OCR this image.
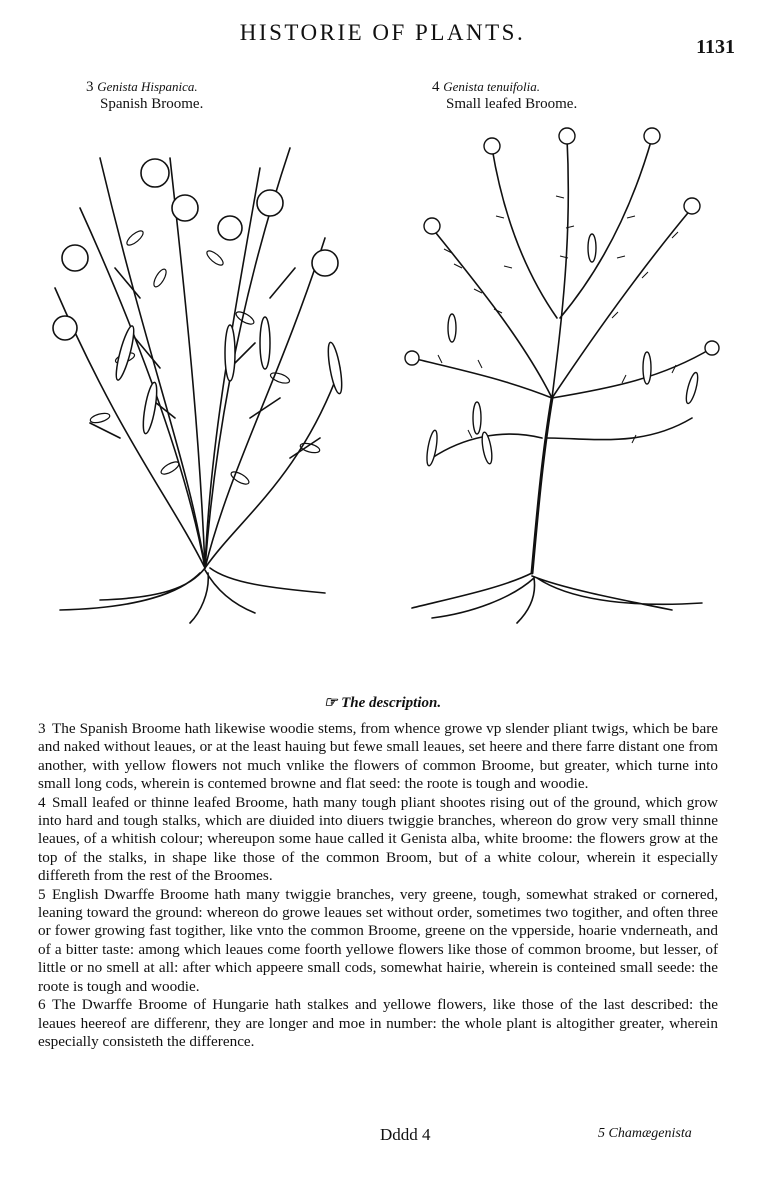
HISTORIE OF PLANTS.
1131
3 Genista Hispanica.
Spanish Broome.
4 Genista tenuifolia.
Small leafed Broome.
☞ The description.

3 The Spanish Broome hath likewise woodie stems, from whence growe vp slender pliant twigs, which be bare and naked without leaues, or at the least hauing but fewe small leaues, set heere and there farre distant one from another, with yellow flowers not much vnlike the flowers of common Broome, but greater, which turne into small long cods, wherein is contemed browne and flat seed: the roote is tough and woodie.

4 Small leafed or thinne leafed Broome, hath many tough pliant shootes rising out of the ground, which grow into hard and tough stalks, which are diuided into diuers twiggie branches, whereon do grow very small thinne leaues, of a whitish colour; whereupon some haue called it Genista alba, white broome: the flowers grow at the top of the stalks, in shape like those of the common Broom, but of a white colour, wherein it especially differeth from the rest of the Broomes.

5 English Dwarffe Broome hath many twiggie branches, very greene, tough, somewhat straked or cornered, leaning toward the ground: whereon do growe leaues set without order, sometimes two togither, and often three or fower growing fast togither, like vnto the common Broome, greene on the vpperside, hoarie vnderneath, and of a bitter taste: among which leaues come foorth yellowe flowers like those of common broome, but lesser, of little or no smell at all: after which appeere small cods, somewhat hairie, wherein is conteined small seede: the roote is tough and woodie.

6 The Dwarffe Broome of Hungarie hath stalkes and yellowe flowers, like those of the last described: the leaues heereof are differenr, they are longer and moe in number: the whole plant is altogither greater, wherein especially consisteth the difference.

Dddd 4	5 Chamægenista
